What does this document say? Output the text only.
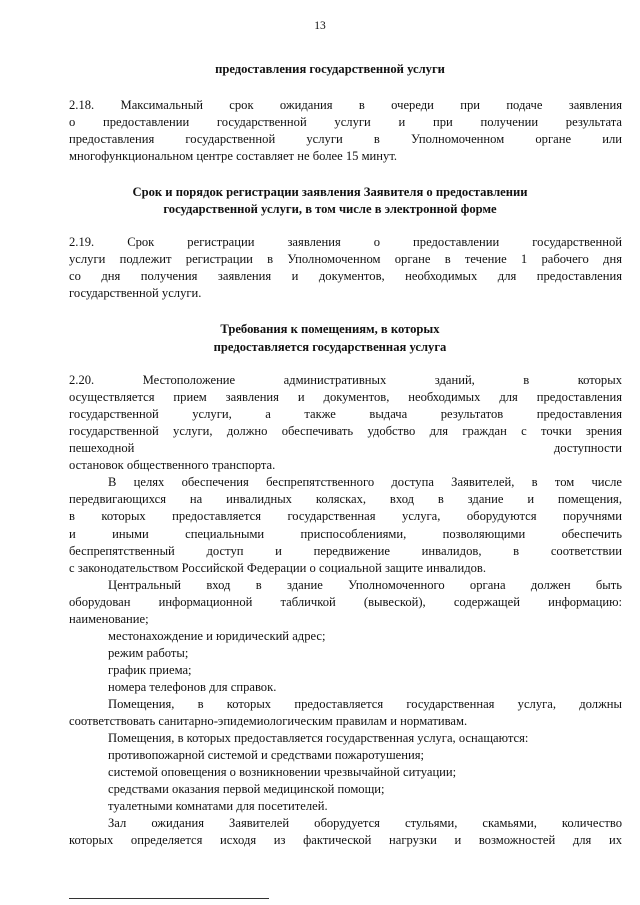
13
предоставления государственной услуги

2.18. Максимальный срок ожидания в очереди при подаче заявления

о предоставлении государственной услуги и при получении результата

предоставления государственной услуги в Уполномоченном органе или

многофункциональном центре составляет не более 15 минут.

Срок и порядок регистрации заявления Заявителя о предоставлении
государственной услуги, в том числе в электронной форме

2.19. Срок регистрации заявления о предоставлении государственной

услуги подлежит регистрации в Уполномоченном органе в течение 1 рабочего дня

со дня получения заявления и документов, необходимых для предоставления

государственной услуги.

Требования к помещениям, в которых
предоставляется государственная услуга

2.20. Местоположение административных зданий, в которых

осуществляется прием заявления и документов, необходимых для предоставления

государственной услуги, а также выдача результатов предоставления

государственной услуги, должно обеспечивать удобство для граждан с точки зрения

пешеходной доступности

остановок общественного транспорта.

В целях обеспечения беспрепятственного доступа Заявителей, в том числе

передвигающихся на инвалидных колясках, вход в здание и помещения,

в которых предоставляется государственная услуга, оборудуются поручнями

и иными специальными приспособлениями, позволяющими обеспечить

беспрепятственный доступ и передвижение инвалидов, в соответствии

с законодательством Российской Федерации о социальной защите инвалидов.

Центральный вход в здание Уполномоченного органа должен быть

оборудован информационной табличкой (вывеской), содержащей информацию:

наименование;

местонахождение и юридический адрес;

режим работы;

график приема;

номера телефонов для справок.

Помещения, в которых предоставляется государственная услуга, должны

соответствовать санитарно-эпидемиологическим правилам и нормативам.

Помещения, в которых предоставляется государственная услуга, оснащаются:

противопожарной системой и средствами пожаротушения;

системой оповещения о возникновении чрезвычайной ситуации;

средствами оказания первой медицинской помощи;

туалетными комнатами для посетителей.

Зал ожидания Заявителей оборудуется стульями, скамьями, количество

которых определяется исходя из фактической нагрузки и возможностей для их
